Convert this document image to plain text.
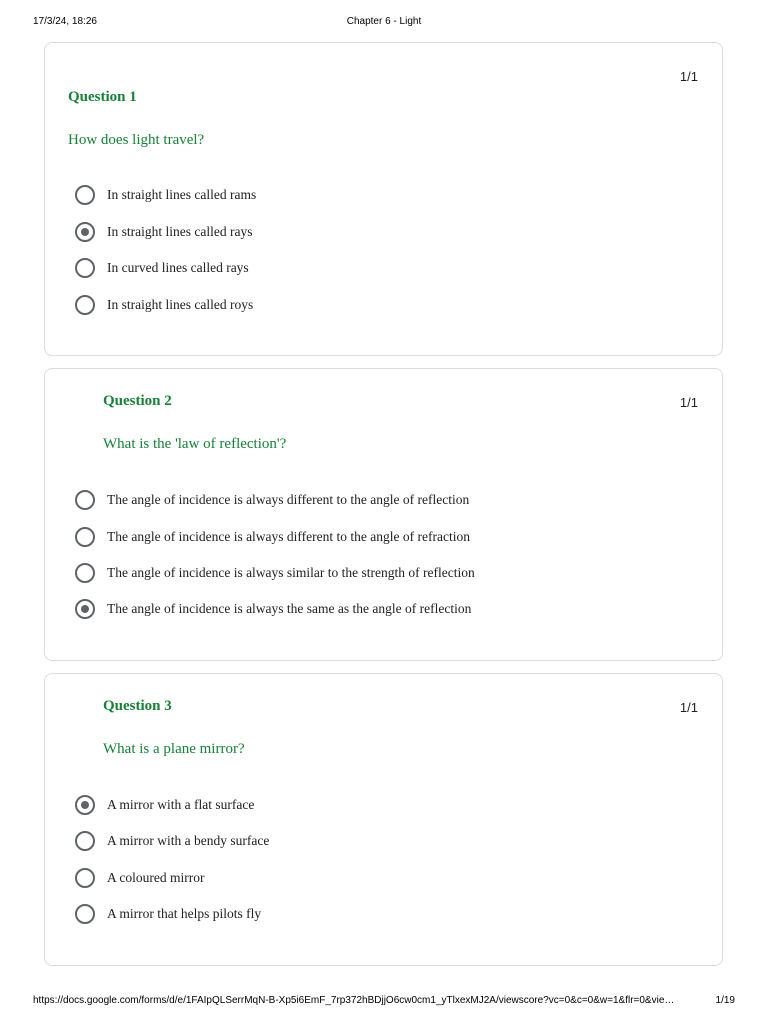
17/3/24, 18:26	Chapter 6 - Light
Question 1
1/1
How does light travel?
In straight lines called rams
In straight lines called rays
In curved lines called rays
In straight lines called roys
Question 2	1/1
What is the 'law of reflection'?
The angle of incidence is always different to the angle of reflection
The angle of incidence is always different to the angle of refraction
The angle of incidence is always similar to the strength of reflection
The angle of incidence is always the same as the angle of reflection
Question 3	1/1
What is a plane mirror?
A mirror with a flat surface
A mirror with a bendy surface
A coloured mirror
A mirror that helps pilots fly
https://docs.google.com/forms/d/e/1FAIpQLSerrMqN-B-Xp5i6EmF_7rp372hBDjjO6cw0cm1_yTlxexMJ2A/viewscore?vc=0&c=0&w=1&flr=0&vie…	1/19
